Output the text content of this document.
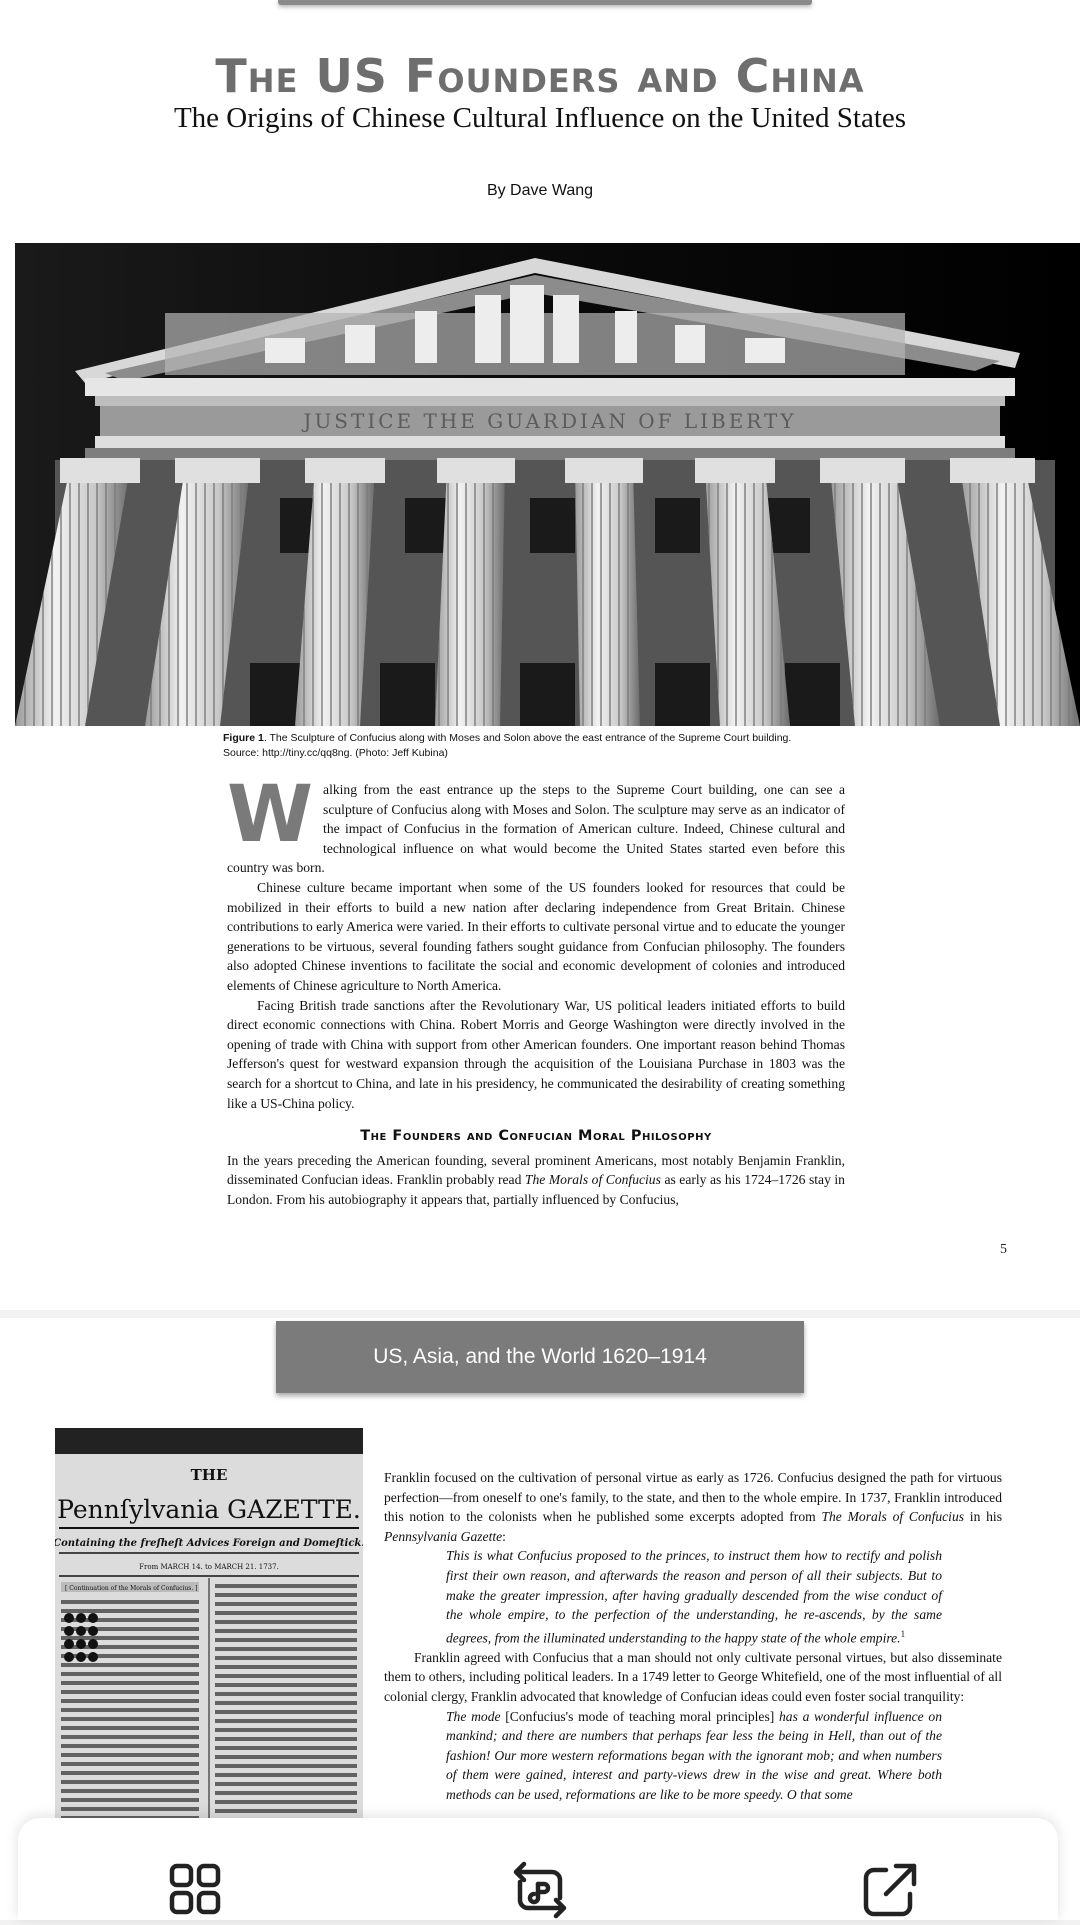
The US Founders and China
The Origins of Chinese Cultural Influence on the United States
By Dave Wang
JUSTICE THE GUARDIAN OF LIBERTY
Figure 1. The Sculpture of Confucius along with Moses and Solon above the east entrance of the Supreme Court building.
Source: http://tiny.cc/qq8ng. (Photo: Jeff Kubina)

Walking from the east entrance up the steps to the Supreme Court building, one can see a sculpture of Confucius along with Moses and Solon. The sculpture may serve as an indicator of the impact of Confucius in the formation of American culture. Indeed, Chinese cultural and technological influence on what would become the United States started even before this country was born.

Chinese culture became important when some of the US founders looked for resources that could be mobilized in their efforts to build a new nation after declaring independence from Great Britain. Chinese contributions to early America were varied. In their efforts to cultivate personal virtue and to educate the younger generations to be virtuous, several founding fathers sought guidance from Confucian philosophy. The founders also adopted Chinese inventions to facilitate the social and economic development of colonies and introduced elements of Chinese agriculture to North America.

Facing British trade sanctions after the Revolutionary War, US political leaders initiated efforts to build direct economic connections with China. Robert Morris and George Washington were directly involved in the opening of trade with China with support from other American founders. One important reason behind Thomas Jefferson's quest for westward expansion through the acquisition of the Louisiana Purchase in 1803 was the search for a shortcut to China, and late in his presidency, he communicated the desirability of creating something like a US-China policy.

The Founders and Confucian Moral Philosophy

In the years preceding the American founding, several prominent Americans, most notably Benjamin Franklin, disseminated Confucian ideas. Franklin probably read The Morals of Confucius as early as his 1724–1726 stay in London. From his autobiography it appears that, partially influenced by Confucius,

5
US, Asia, and the World 1620–1914
THE
Pennſylvania GAZETTE.
Containing the freſheſt Advices Foreign and Domeſtick.
From MARCH 14. to MARCH 21. 1737.
[ Continuation of the Morals of Confucius. ]

Franklin focused on the cultivation of personal virtue as early as 1726. Confucius designed the path for virtuous perfection—from oneself to one's family, to the state, and then to the whole empire. In 1737, Franklin introduced this notion to the colonists when he published some excerpts adopted from The Morals of Confucius in his Pennsylvania Gazette:

This is what Confucius proposed to the princes, to instruct them how to rectify and polish first their own reason, and afterwards the reason and person of all their subjects. But to make the greater impression, after having gradually descended from the wise conduct of the whole empire, to the perfection of the understanding, he re-ascends, by the same degrees, from the illuminated understanding to the happy state of the whole empire.$^1$

Franklin agreed with Confucius that a man should not only cultivate personal virtues, but also disseminate them to others, including political leaders. In a 1749 letter to George Whitefield, one of the most influential of all colonial clergy, Franklin advocated that knowledge of Confucian ideas could even foster social tranquility:

The mode [Confucius's mode of teaching moral principles] has a wonderful influence on mankind; and there are numbers that perhaps fear less the being in Hell, than out of the fashion! Our more western reformations began with the ignorant mob; and when numbers of them were gained, interest and party-views drew in the wise and great. Where both methods can be used, reformations are like to be more speedy. O that some
